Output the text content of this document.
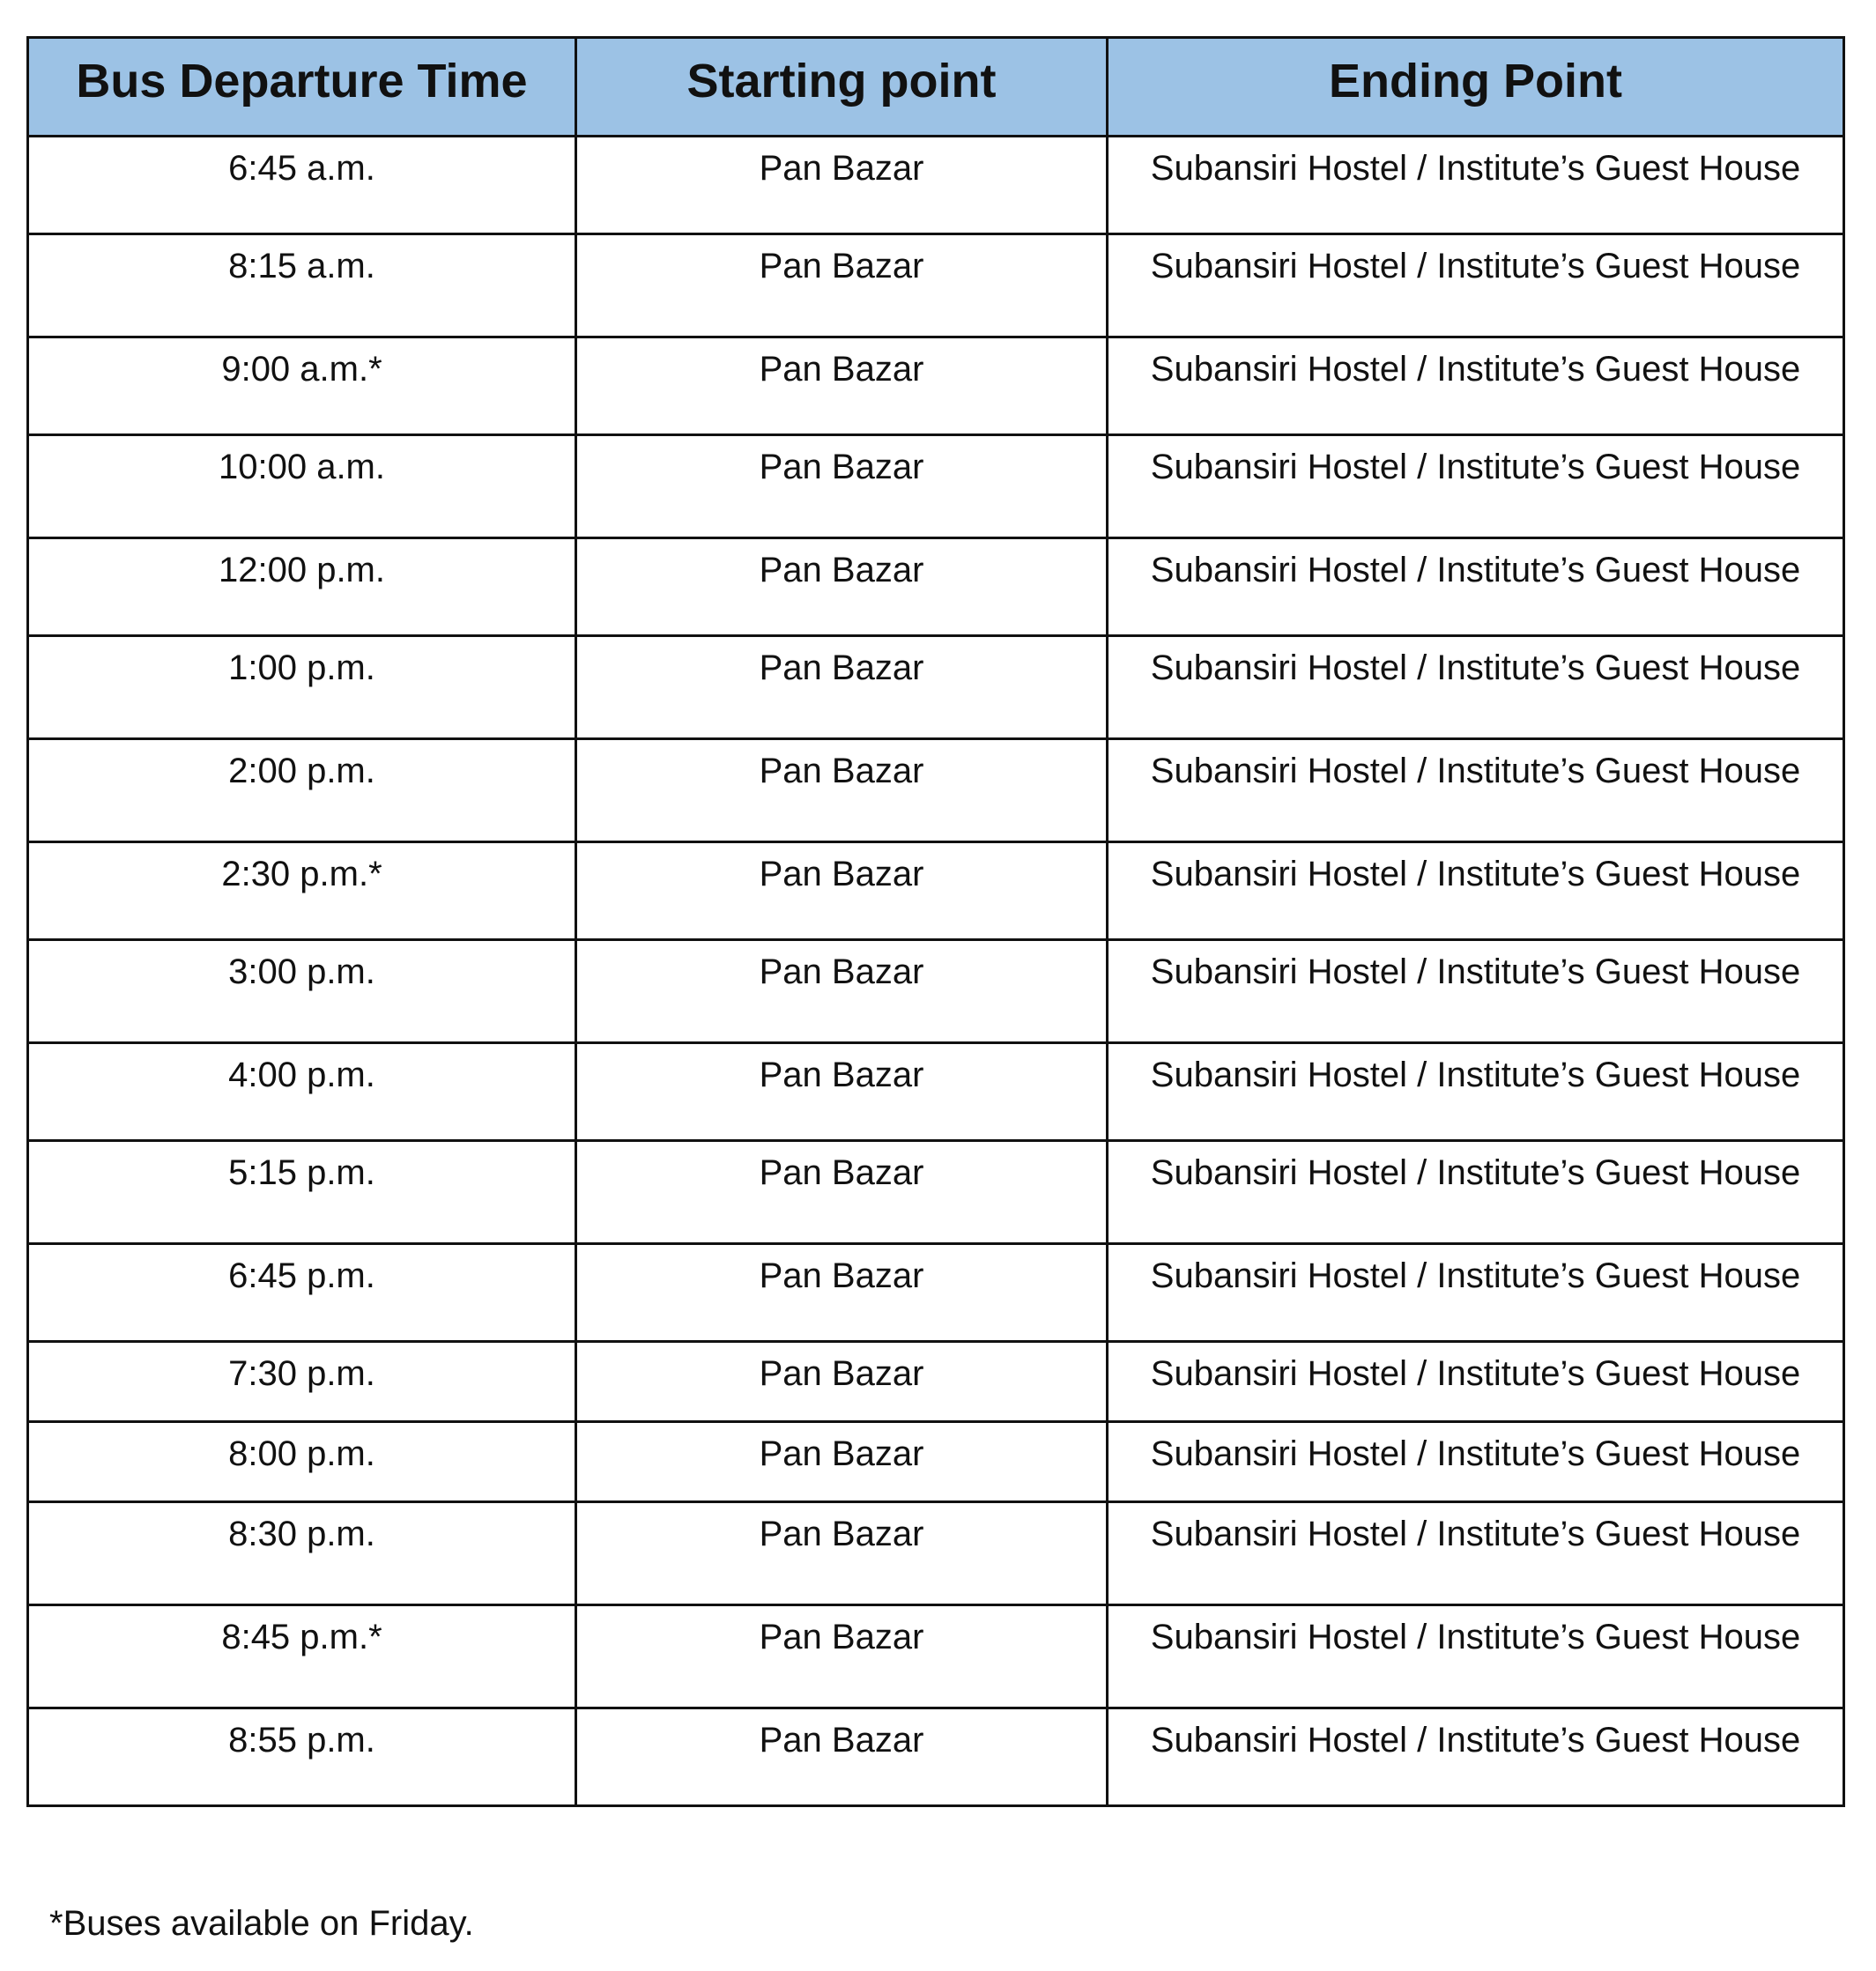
Bus Departure Time	Starting point	Ending Point
6:45 a.m.	Pan Bazar	Subansiri Hostel / Institute’s Guest House
8:15 a.m.	Pan Bazar	Subansiri Hostel / Institute’s Guest House
9:00 a.m.*	Pan Bazar	Subansiri Hostel / Institute’s Guest House
10:00 a.m.	Pan Bazar	Subansiri Hostel / Institute’s Guest House
12:00 p.m.	Pan Bazar	Subansiri Hostel / Institute’s Guest House
1:00 p.m.	Pan Bazar	Subansiri Hostel / Institute’s Guest House
2:00 p.m.	Pan Bazar	Subansiri Hostel / Institute’s Guest House
2:30 p.m.*	Pan Bazar	Subansiri Hostel / Institute’s Guest House
3:00 p.m.	Pan Bazar	Subansiri Hostel / Institute’s Guest House
4:00 p.m.	Pan Bazar	Subansiri Hostel / Institute’s Guest House
5:15 p.m.	Pan Bazar	Subansiri Hostel / Institute’s Guest House
6:45 p.m.	Pan Bazar	Subansiri Hostel / Institute’s Guest House
7:30 p.m.	Pan Bazar	Subansiri Hostel / Institute’s Guest House
8:00 p.m.	Pan Bazar	Subansiri Hostel / Institute’s Guest House
8:30 p.m.	Pan Bazar	Subansiri Hostel / Institute’s Guest House
8:45 p.m.*	Pan Bazar	Subansiri Hostel / Institute’s Guest House
8:55 p.m.	Pan Bazar	Subansiri Hostel / Institute’s Guest House
*Buses available on Friday.
